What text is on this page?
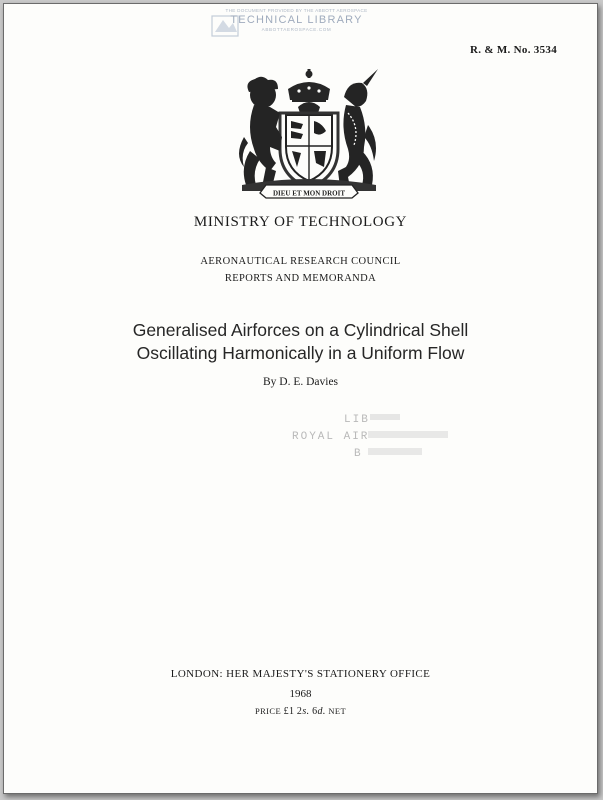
THE DOCUMENT PROVIDED BY THE ABBOTT AEROSPACE
TECHNICAL LIBRARY
ABBOTTAEROSPACE.COM
R. & M. No. 3534
DIEU ET MON DROIT
MINISTRY OF TECHNOLOGY
AERONAUTICAL RESEARCH COUNCIL
REPORTS AND MEMORANDA
Generalised Airforces on a Cylindrical Shell
Oscillating Harmonically in a Uniform Flow
By D. E. Davies
LIB
ROYAL AIR
B
LONDON: HER MAJESTY'S STATIONERY OFFICE
1968
PRICE £1 2s. 6d. NET
